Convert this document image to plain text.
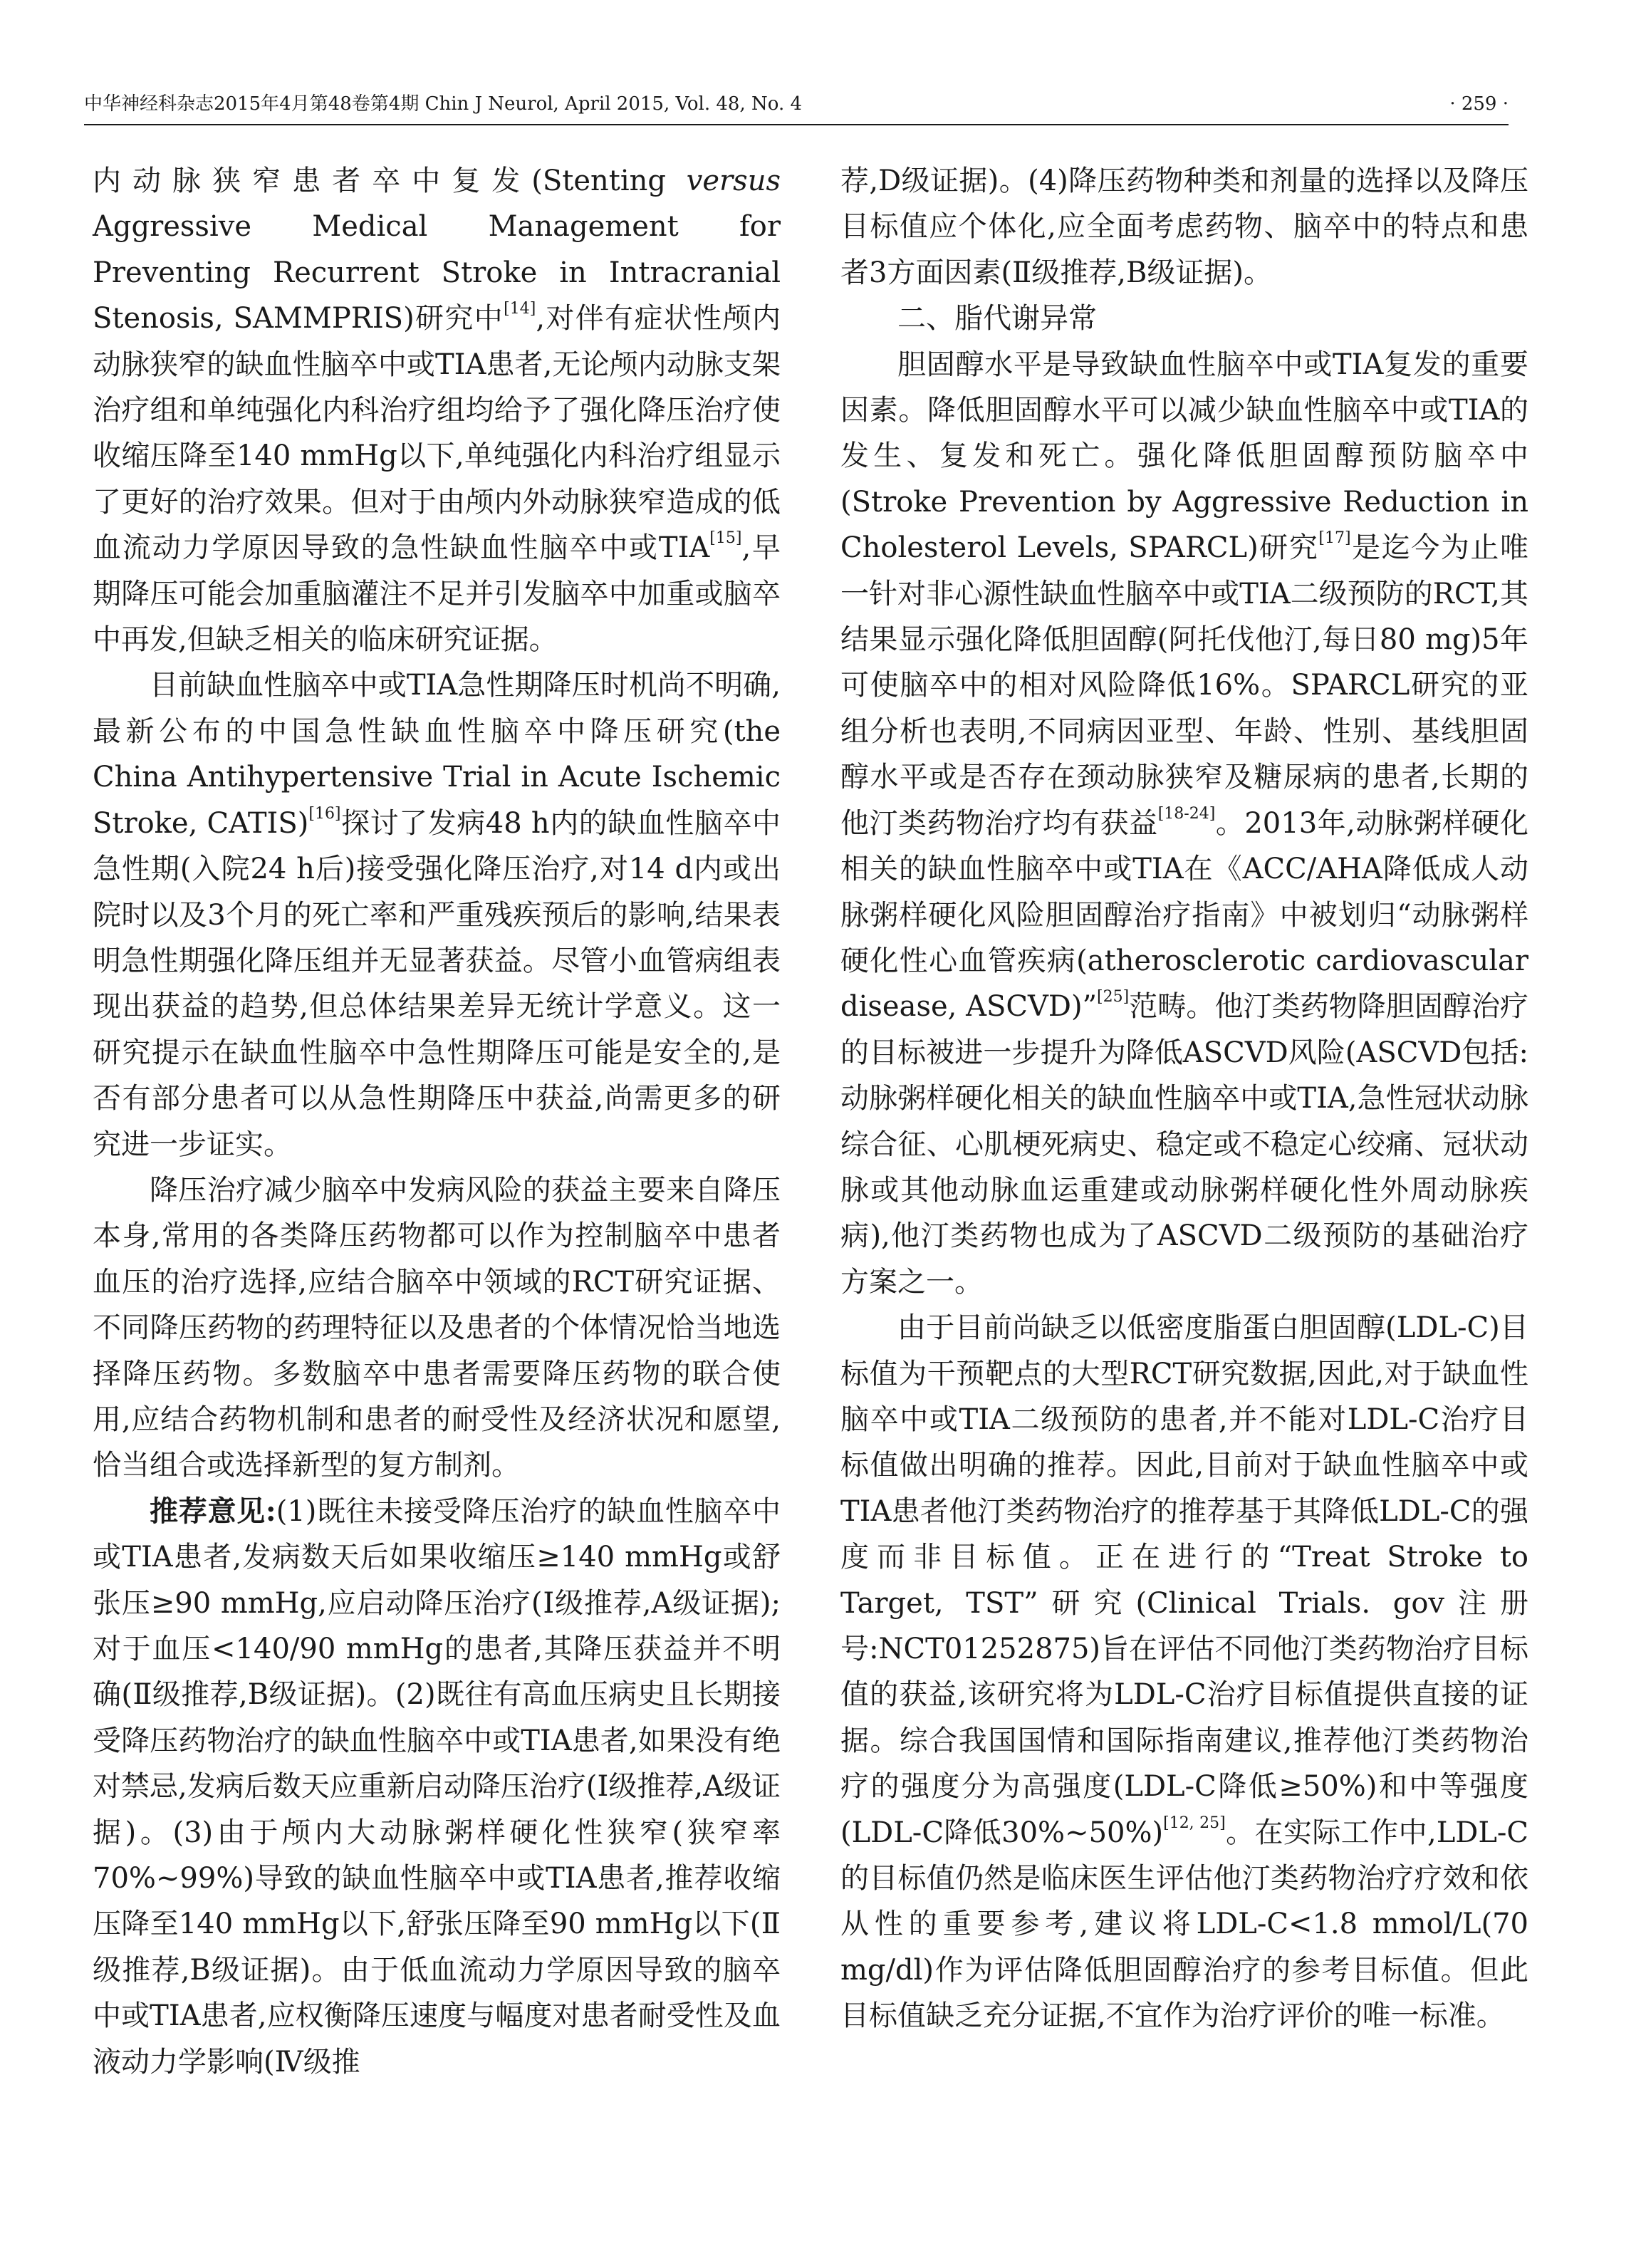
中华神经科杂志2015年4月第48卷第4期 Chin J Neurol, April 2015, Vol. 48, No. 4	· 259 ·

内动脉狭窄患者卒中复发(Stenting versus Aggressive Medical Management for Preventing Recurrent Stroke in Intracranial Stenosis, SAMMPRIS)研究中[14],对伴有症状性颅内动脉狭窄的缺血性脑卒中或TIA患者,无论颅内动脉支架治疗组和单纯强化内科治疗组均给予了强化降压治疗使收缩压降至140 mmHg以下,单纯强化内科治疗组显示了更好的治疗效果。但对于由颅内外动脉狭窄造成的低血流动力学原因导致的急性缺血性脑卒中或TIA[15],早期降压可能会加重脑灌注不足并引发脑卒中加重或脑卒中再发,但缺乏相关的临床研究证据。

目前缺血性脑卒中或TIA急性期降压时机尚不明确,最新公布的中国急性缺血性脑卒中降压研究(the China Antihypertensive Trial in Acute Ischemic Stroke, CATIS)[16]探讨了发病48 h内的缺血性脑卒中急性期(入院24 h后)接受强化降压治疗,对14 d内或出院时以及3个月的死亡率和严重残疾预后的影响,结果表明急性期强化降压组并无显著获益。尽管小血管病组表现出获益的趋势,但总体结果差异无统计学意义。这一研究提示在缺血性脑卒中急性期降压可能是安全的,是否有部分患者可以从急性期降压中获益,尚需更多的研究进一步证实。

降压治疗减少脑卒中发病风险的获益主要来自降压本身,常用的各类降压药物都可以作为控制脑卒中患者血压的治疗选择,应结合脑卒中领域的RCT研究证据、不同降压药物的药理特征以及患者的个体情况恰当地选择降压药物。多数脑卒中患者需要降压药物的联合使用,应结合药物机制和患者的耐受性及经济状况和愿望,恰当组合或选择新型的复方制剂。

推荐意见:(1)既往未接受降压治疗的缺血性脑卒中或TIA患者,发病数天后如果收缩压≥140 mmHg或舒张压≥90 mmHg,应启动降压治疗(Ⅰ级推荐,A级证据);对于血压<140/90 mmHg的患者,其降压获益并不明确(Ⅱ级推荐,B级证据)。(2)既往有高血压病史且长期接受降压药物治疗的缺血性脑卒中或TIA患者,如果没有绝对禁忌,发病后数天应重新启动降压治疗(Ⅰ级推荐,A级证据)。(3)由于颅内大动脉粥样硬化性狭窄(狭窄率70%~99%)导致的缺血性脑卒中或TIA患者,推荐收缩压降至140 mmHg以下,舒张压降至90 mmHg以下(Ⅱ级推荐,B级证据)。由于低血流动力学原因导致的脑卒中或TIA患者,应权衡降压速度与幅度对患者耐受性及血液动力学影响(Ⅳ级推

荐,D级证据)。(4)降压药物种类和剂量的选择以及降压目标值应个体化,应全面考虑药物、脑卒中的特点和患者3方面因素(Ⅱ级推荐,B级证据)。

二、脂代谢异常

胆固醇水平是导致缺血性脑卒中或TIA复发的重要因素。降低胆固醇水平可以减少缺血性脑卒中或TIA的发生、复发和死亡。强化降低胆固醇预防脑卒中(Stroke Prevention by Aggressive Reduction in Cholesterol Levels, SPARCL)研究[17]是迄今为止唯一针对非心源性缺血性脑卒中或TIA二级预防的RCT,其结果显示强化降低胆固醇(阿托伐他汀,每日80 mg)5年可使脑卒中的相对风险降低16%。SPARCL研究的亚组分析也表明,不同病因亚型、年龄、性别、基线胆固醇水平或是否存在颈动脉狭窄及糖尿病的患者,长期的他汀类药物治疗均有获益[18-24]。2013年,动脉粥样硬化相关的缺血性脑卒中或TIA在《ACC/AHA降低成人动脉粥样硬化风险胆固醇治疗指南》中被划归“动脉粥样硬化性心血管疾病(atherosclerotic cardiovascular disease, ASCVD)”[25]范畴。他汀类药物降胆固醇治疗的目标被进一步提升为降低ASCVD风险(ASCVD包括:动脉粥样硬化相关的缺血性脑卒中或TIA,急性冠状动脉综合征、心肌梗死病史、稳定或不稳定心绞痛、冠状动脉或其他动脉血运重建或动脉粥样硬化性外周动脉疾病),他汀类药物也成为了ASCVD二级预防的基础治疗方案之一。

由于目前尚缺乏以低密度脂蛋白胆固醇(LDL-C)目标值为干预靶点的大型RCT研究数据,因此,对于缺血性脑卒中或TIA二级预防的患者,并不能对LDL-C治疗目标值做出明确的推荐。因此,目前对于缺血性脑卒中或TIA患者他汀类药物治疗的推荐基于其降低LDL-C的强度而非目标值。正在进行的“Treat Stroke to Target, TST”研究(Clinical Trials. gov注册号:NCT01252875)旨在评估不同他汀类药物治疗目标值的获益,该研究将为LDL-C治疗目标值提供直接的证据。综合我国国情和国际指南建议,推荐他汀类药物治疗的强度分为高强度(LDL-C降低≥50%)和中等强度(LDL-C降低30%~50%)[12, 25]。在实际工作中,LDL-C的目标值仍然是临床医生评估他汀类药物治疗疗效和依从性的重要参考,建议将LDL-C<1.8 mmol/L(70 mg/dl)作为评估降低胆固醇治疗的参考目标值。但此目标值缺乏充分证据,不宜作为治疗评价的唯一标准。
